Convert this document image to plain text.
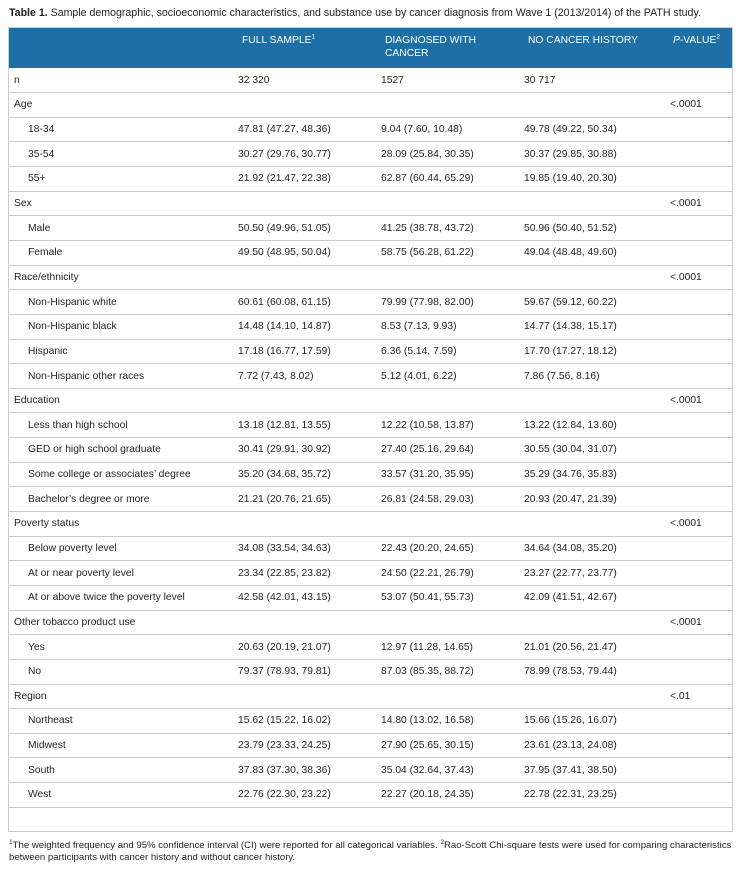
Table 1. Sample demographic, socioeconomic characteristics, and substance use by cancer diagnosis from Wave 1 (2013/2014) of the PATH study.
	FULL SAMPLE$^1$	DIAGNOSED WITH CANCER	NO CANCER HISTORY	P-VALUE$^2$
n	32 320	1527	30 717	
Age				<.0001
18-34	47.81 (47.27, 48.36)	9.04 (7.60, 10.48)	49.78 (49.22, 50.34)	
35-54	30.27 (29.76, 30.77)	28.09 (25.84, 30.35)	30.37 (29.85, 30.88)	
55+	21.92 (21.47, 22.38)	62.87 (60.44, 65.29)	19.85 (19.40, 20.30)	
Sex				<.0001
Male	50.50 (49.96, 51.05)	41.25 (38.78, 43.72)	50.96 (50.40, 51.52)	
Female	49.50 (48.95, 50.04)	58.75 (56.28, 61.22)	49.04 (48.48, 49.60)	
Race/ethnicity				<.0001
Non-Hispanic white	60.61 (60.08, 61.15)	79.99 (77.98, 82.00)	59.67 (59.12, 60.22)	
Non-Hispanic black	14.48 (14.10, 14.87)	8.53 (7.13, 9.93)	14.77 (14.38, 15.17)	
Hispanic	17.18 (16.77, 17.59)	6.36 (5.14, 7.59)	17.70 (17.27, 18.12)	
Non-Hispanic other races	7.72 (7.43, 8.02)	5.12 (4.01, 6.22)	7.86 (7.56, 8.16)	
Education				<.0001
Less than high school	13.18 (12.81, 13.55)	12.22 (10.58, 13.87)	13.22 (12.84, 13.60)	
GED or high school graduate	30.41 (29.91, 30.92)	27.40 (25.16, 29.64)	30.55 (30.04, 31.07)	
Some college or associates’ degree	35.20 (34.68, 35.72)	33.57 (31.20, 35.95)	35.29 (34.76, 35.83)	
Bachelor’s degree or more	21.21 (20.76, 21.65)	26.81 (24.58, 29.03)	20.93 (20.47, 21.39)	
Poverty status				<.0001
Below poverty level	34.08 (33.54, 34.63)	22.43 (20.20, 24.65)	34.64 (34.08, 35.20)	
At or near poverty level	23.34 (22.85, 23.82)	24.50 (22.21, 26.79)	23.27 (22.77, 23.77)	
At or above twice the poverty level	42.58 (42.01, 43.15)	53.07 (50.41, 55.73)	42.09 (41.51, 42.67)	
Other tobacco product use				<.0001
Yes	20.63 (20.19, 21.07)	12.97 (11.28, 14.65)	21.01 (20.56, 21.47)	
No	79.37 (78.93, 79.81)	87.03 (85.35, 88.72)	78.99 (78.53, 79.44)	
Region				<.01
Northeast	15.62 (15.22, 16.02)	14.80 (13.02, 16.58)	15.66 (15.26, 16.07)	
Midwest	23.79 (23.33, 24.25)	27.90 (25.65, 30.15)	23.61 (23.13, 24.08)	
South	37.83 (37.30, 38.36)	35.04 (32.64, 37.43)	37.95 (37.41, 38.50)	
West	22.76 (22.30, 23.22)	22.27 (20.18, 24.35)	22.78 (22.31, 23.25)	
$^1$The weighted frequency and 95% confidence interval (CI) were reported for all categorical variables. $^2$Rao-Scott Chi-square tests were used for comparing characteristics between participants with cancer history and without cancer history.
